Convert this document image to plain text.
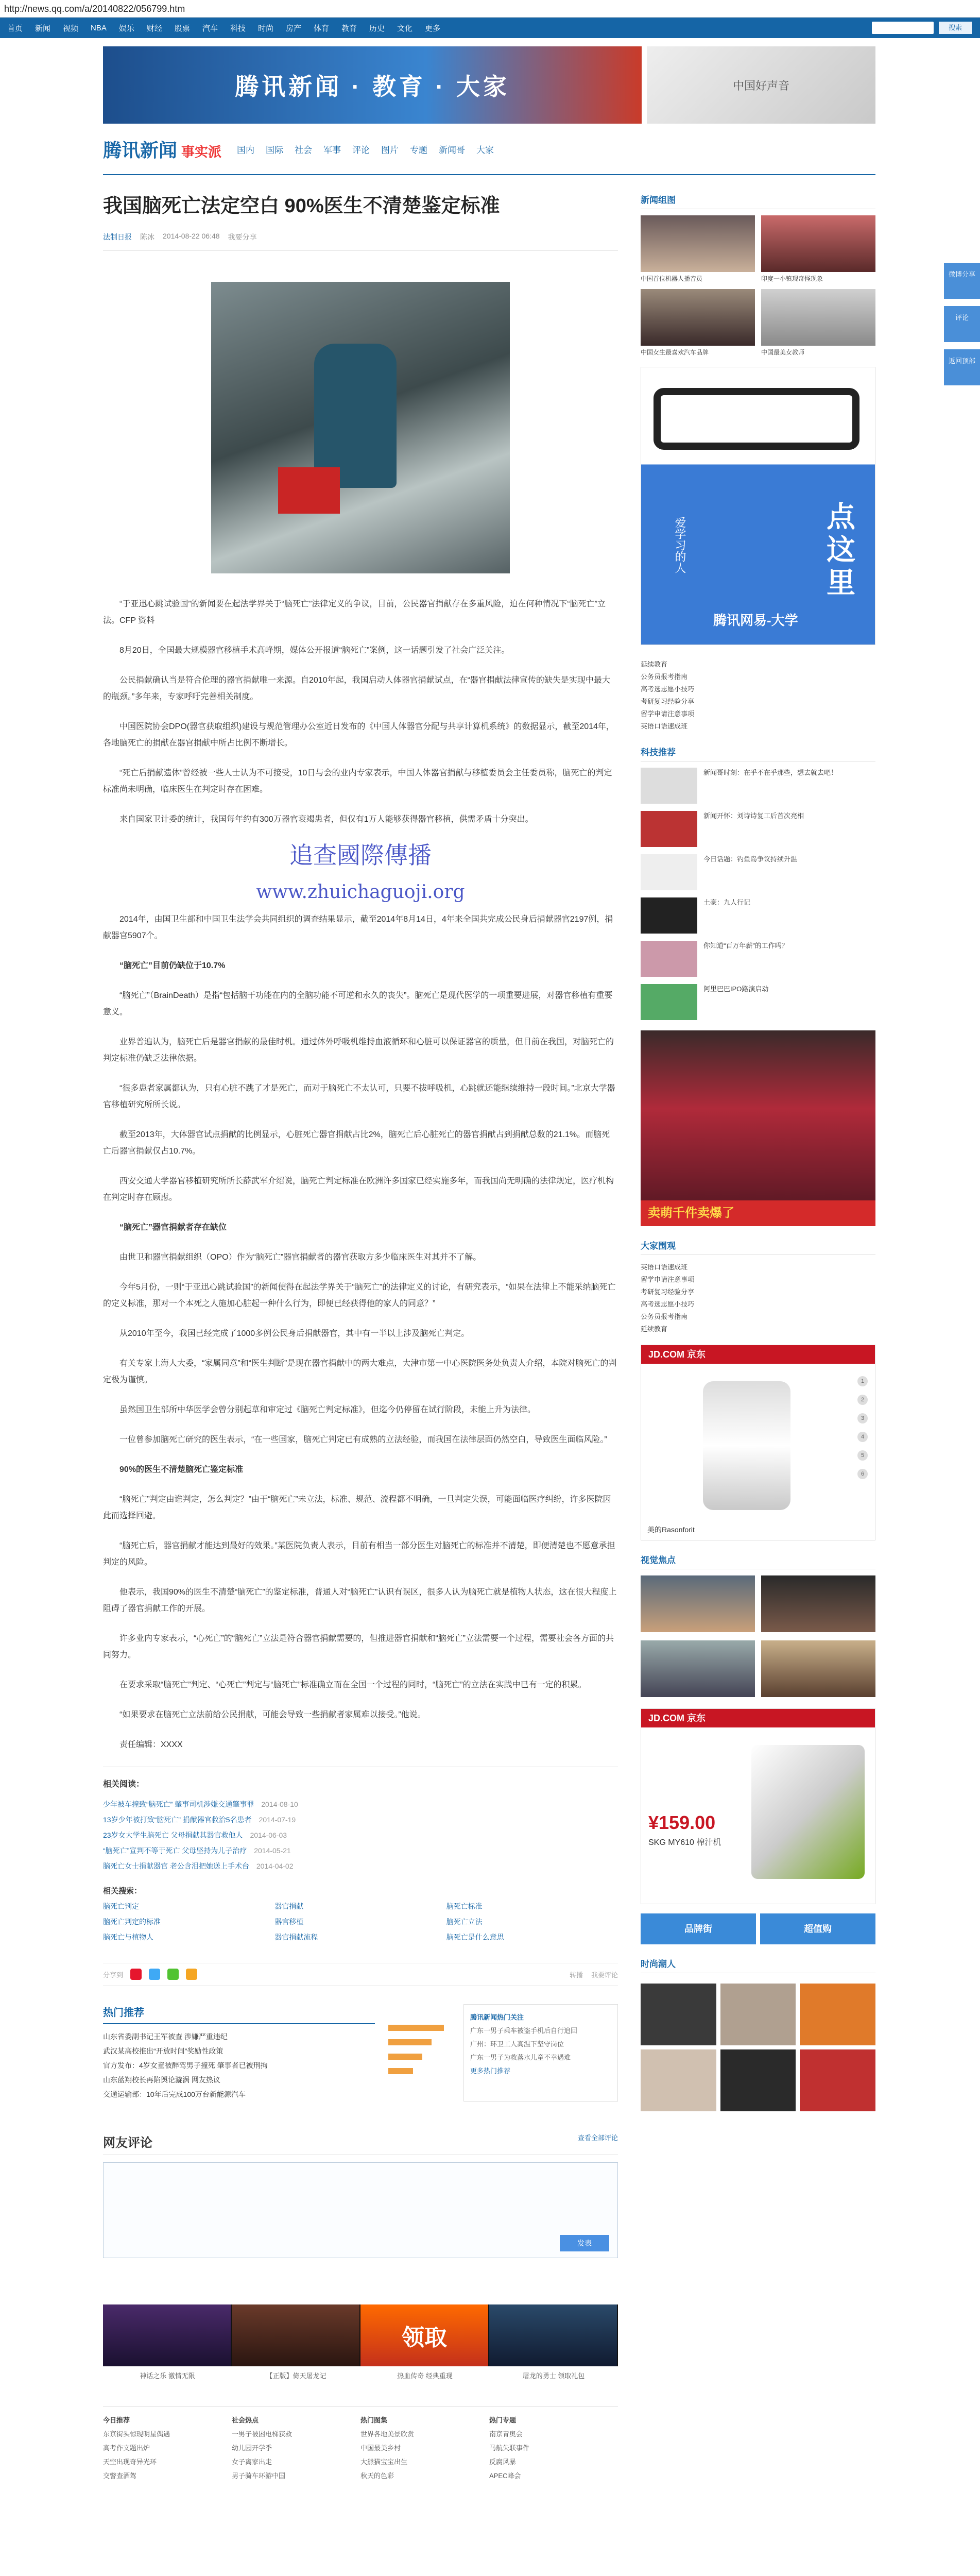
http://news.qq.com/a/20140822/056799.htm
首页 新闻 视频 NBA 娱乐 财经 股票 汽车 科技 时尚 房产 体育 教育 历史 文化 更多	搜索
腾讯新闻 · 教育 · 大家	中国好声音
腾讯新闻 事实派 国内 国际 社会 军事 评论 图片 专题 新闻哥 大家
我国脑死亡法定空白 90%医生不清楚鉴定标准
法制日报 陈冰 2014-08-22 06:48 我要分享

“于亚迅心跳试验国”的新闻要在起法学界关于“脑死亡”法律定义的争议，目前，公民器官捐献存在多重风险，迫在何种情况下“脑死亡”立法。CFP 资料

8月20日，全国最大规模器官移植手术高峰期，媒体公开报道“脑死亡”案例，这一话题引发了社会广泛关注。

公民捐献确认当是符合伦理的器官捐献唯一来源。自2010年起，我国启动人体器官捐献试点，在“器官捐献法律宣传的缺失是实现中最大的瓶颈。”多年来，专家呼吁完善相关制度。

中国医院协会DPO(器官获取组织)建设与规范管理办公室近日发布的《中国人体器官分配与共享计算机系统》的数据显示，截至2014年，各地脑死亡的捐献在器官捐献中所占比例不断增长。

“死亡后捐献遗体”曾经被一些人士认为不可接受，10日与会的业内专家表示，中国人体器官捐献与移植委员会主任委员称，脑死亡的判定标准尚未明确，临床医生在判定时存在困难。

来自国家卫计委的统计，我国每年约有300万器官衰竭患者，但仅有1万人能够获得器官移植，供需矛盾十分突出。

追查國際傳播
www.zhuichaguoji.org

2014年，由国卫生部和中国卫生法学会共同组织的调查结果显示，截至2014年8月14日，4年来全国共完成公民身后捐献器官2197例，捐献器官5907个。

“脑死亡”目前仍缺位于10.7%

“脑死亡”（BrainDeath）是指“包括脑干功能在内的全脑功能不可逆和永久的丧失”。脑死亡是现代医学的一项重要进展，对器官移植有重要意义。

业界普遍认为，脑死亡后是器官捐献的最佳时机。通过体外呼吸机维持血液循环和心脏可以保证器官的质量，但目前在我国，对脑死亡的判定标准仍缺乏法律依据。

“很多患者家属都认为，只有心脏不跳了才是死亡，而对于脑死亡不太认可，只要不拔呼吸机，心跳就还能继续维持一段时间。”北京大学器官移植研究所所长说。

截至2013年，大体器官试点捐献的比例显示，心脏死亡器官捐献占比2%，脑死亡后心脏死亡的器官捐献占到捐献总数的21.1%。而脑死亡后器官捐献仅占10.7%。

西安交通大学器官移植研究所所长薛武军介绍说，脑死亡判定标准在欧洲许多国家已经实施多年，而我国尚无明确的法律规定，医疗机构在判定时存在顾虑。

“脑死亡”器官捐献者存在缺位

由世卫和器官捐献组织（OPO）作为“脑死亡”器官捐献者的器官获取方多少临床医生对其并不了解。

今年5月份，一则“于亚迅心跳试验国”的新闻使得在起法学界关于“脑死亡”的法律定义的讨论，有研究表示，“如果在法律上不能采纳脑死亡的定义标准，那对一个本死之人施加心脏起一种什么行为，即便已经获得他的家人的同意？”

从2010年至今，我国已经完成了1000多例公民身后捐献器官，其中有一半以上涉及脑死亡判定。

有关专家上海人大委，“家属同意”和“医生判断”是现在器官捐献中的两大难点，大津市第一中心医院医务处负责人介绍，本院对脑死亡的判定极为谨慎。

虽然国卫生部所中华医学会曾分别起草和审定过《脑死亡判定标准》，但迄今仍停留在试行阶段，未能上升为法律。

一位曾参加脑死亡研究的医生表示，“在一些国家，脑死亡判定已有成熟的立法经验，而我国在法律层面仍然空白，导致医生面临风险。”

90%的医生不清楚脑死亡鉴定标准

“脑死亡”判定由谁判定，怎么判定？”由于“脑死亡”未立法，标准、规范、流程都不明确，一旦判定失误，可能面临医疗纠纷，许多医院因此而选择回避。

“脑死亡后，器官捐献才能达到最好的效果。”某医院负责人表示，目前有相当一部分医生对脑死亡的标准并不清楚，即便清楚也不愿意承担判定的风险。

他表示，我国90%的医生不清楚“脑死亡”的鉴定标准，普通人对“脑死亡”认识有误区，很多人认为脑死亡就是植物人状态，这在很大程度上阻碍了器官捐献工作的开展。

许多业内专家表示，“心死亡”的“脑死亡”立法是符合器官捐献需要的，但推进器官捐献和“脑死亡”立法需要一个过程，需要社会各方面的共同努力。

在要求采取“脑死亡”判定、“心死亡”判定与“脑死亡”标准确立而在全国一个过程的同时，“脑死亡”的立法在实践中已有一定的积累。

“如果要求在脑死亡立法前给公民捐献，可能会导致一些捐献者家属难以接受。”他说。

责任编辑：XXXX

相关阅读：
少年被车撞致“脑死亡” 肇事司机涉嫌交通肇事罪 2014-08-10
13岁少年被打致“脑死亡” 捐献器官救治5名患者 2014-07-19
23岁女大学生脑死亡 父母捐献其器官救他人 2014-06-03
“脑死亡”宣判不等于死亡 父母坚持为儿子治疗 2014-05-21
脑死亡女士捐献器官 老公含泪把她送上手术台 2014-04-02
相关搜索：
脑死亡判定	器官捐献	脑死亡标准
脑死亡判定的标准	器官移植	脑死亡立法
脑死亡与植物人	器官捐献流程	脑死亡是什么意思
分享到	转播 我要评论
热门推荐
山东省委副书记王军被查 涉嫌严重违纪
武汉某高校推出“开放时间”奖励性政策
官方发布：4岁女童被醉驾男子撞死 肇事者已被刑拘
山东蓝翔校长再陷舆论漩涡 网友热议
交通运输部：10年后完成100万台新能源汽车
腾讯新闻热门关注
广东一男子乘车被盗手机后自行追回
广州：环卫工人高温下坚守岗位
广东一男子为救落水儿童不幸遇难
更多热门推荐
网友评论	查看全部评论
发表
领取
神话之乐 激情无限	【正版】倚天屠龙记	热血传奇 经典重现	屠龙的勇士 领取礼包
今日推荐	社会热点	热门图集	热门专题
东京街头惊现明星偶遇	一男子被困电梯获救	世界各地美景欣赏	南京青奥会
高考作文题出炉	幼儿园开学季	中国最美乡村	马航失联事件
天空出现奇异光环	女子离家出走	大熊猫宝宝出生	反腐风暴
交警查酒驾	男子骑车环游中国	秋天的色彩	APEC峰会
新闻组图
中国首位机器人播音员	印度一小镇现奇怪现象
中国女生最喜欢汽车品牌	中国最美女教师
点这里
爱学习的人
腾讯网易-大学
延续教育
公务员报考指南
高考选志愿小技巧
考研复习经验分享
留学申请注意事项
英语口语速成班
科技推荐
新闻哥时刻：在乎不在乎那些，想去就去吧！
新闻开怀：刘诗诗复工后首次亮相
今日话题：钓鱼岛争议持续升温
土豪：九人行记
你知道“百万年薪”的工作吗？
阿里巴巴IPO路演启动
卖萌千件卖爆了
大家围观
英语口语速成班
留学申请注意事项
考研复习经验分享
高考选志愿小技巧
公务员报考指南
延续教育
JD.COM 京东
1
2
3
4
5
6
美的Rasonforit
视觉焦点
JD.COM 京东
¥159.00
SKG MY610 榨汁机
品牌街	超值购
时尚潮人
微博分享
评论
返回顶部
